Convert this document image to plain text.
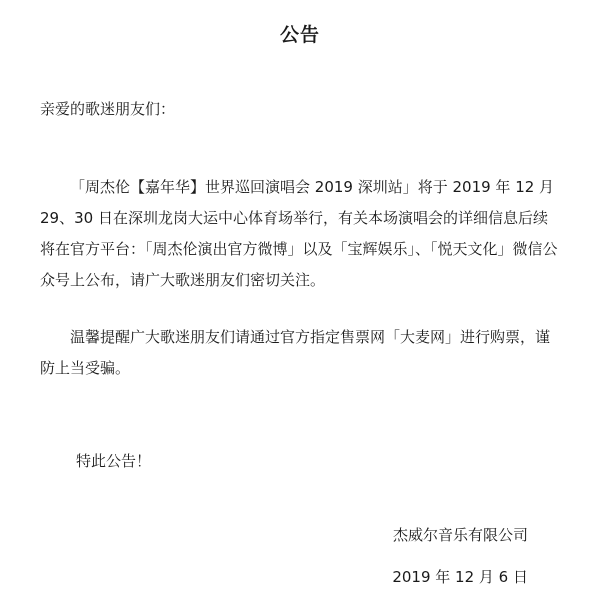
公告
亲爱的歌迷朋友们：

「周杰伦【嘉年华】世界巡回演唱会 2019 深圳站」将于 2019 年 12 月 29、30 日在深圳龙岗大运中心体育场举行，有关本场演唱会的详细信息后续将在官方平台：「周杰伦演出官方微博」以及「宝辉娱乐」、「悦天文化」微信公众号上公布，请广大歌迷朋友们密切关注。

温馨提醒广大歌迷朋友们请通过官方指定售票网「大麦网」进行购票，谨防上当受骗。

特此公告！
杰威尔音乐有限公司
2019 年 12 月 6 日
